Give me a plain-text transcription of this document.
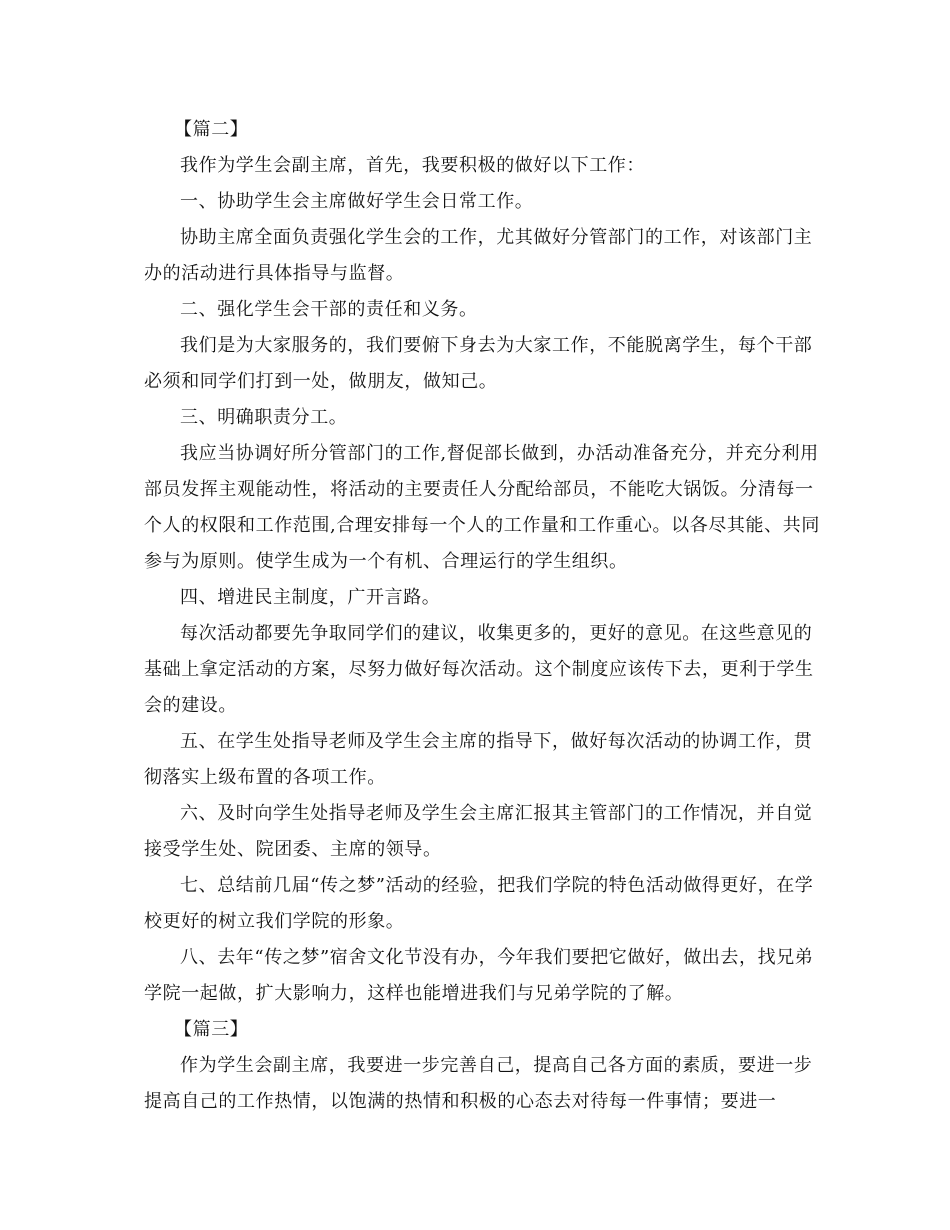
【篇二】

我作为学生会副主席，首先，我要积极的做好以下工作：

一、协助学生会主席做好学生会日常工作。

协助主席全面负责强化学生会的工作，尤其做好分管部门的工作，对该部门主办的活动进行具体指导与监督。

二、强化学生会干部的责任和义务。

我们是为大家服务的，我们要俯下身去为大家工作，不能脱离学生，每个干部必须和同学们打到一处，做朋友，做知己。

三、明确职责分工。

我应当协调好所分管部门的工作,督促部长做到，办活动准备充分，并充分利用部员发挥主观能动性，将活动的主要责任人分配给部员，不能吃大锅饭。分清每一个人的权限和工作范围,合理安排每一个人的工作量和工作重心。以各尽其能、共同参与为原则。使学生成为一个有机、合理运行的学生组织。

四、增进民主制度，广开言路。

每次活动都要先争取同学们的建议，收集更多的，更好的意见。在这些意见的基础上拿定活动的方案，尽努力做好每次活动。这个制度应该传下去，更利于学生会的建设。

五、在学生处指导老师及学生会主席的指导下，做好每次活动的协调工作，贯彻落实上级布置的各项工作。

六、及时向学生处指导老师及学生会主席汇报其主管部门的工作情况，并自觉接受学生处、院团委、主席的领导。

七、总结前几届“传之梦”活动的经验，把我们学院的特色活动做得更好，在学校更好的树立我们学院的形象。

八、去年“传之梦”宿舍文化节没有办，今年我们要把它做好，做出去，找兄弟学院一起做，扩大影响力，这样也能增进我们与兄弟学院的了解。

【篇三】

作为学生会副主席，我要进一步完善自己，提高自己各方面的素质，要进一步提高自己的工作热情，以饱满的热情和积极的心态去对待每一件事情；要进一
